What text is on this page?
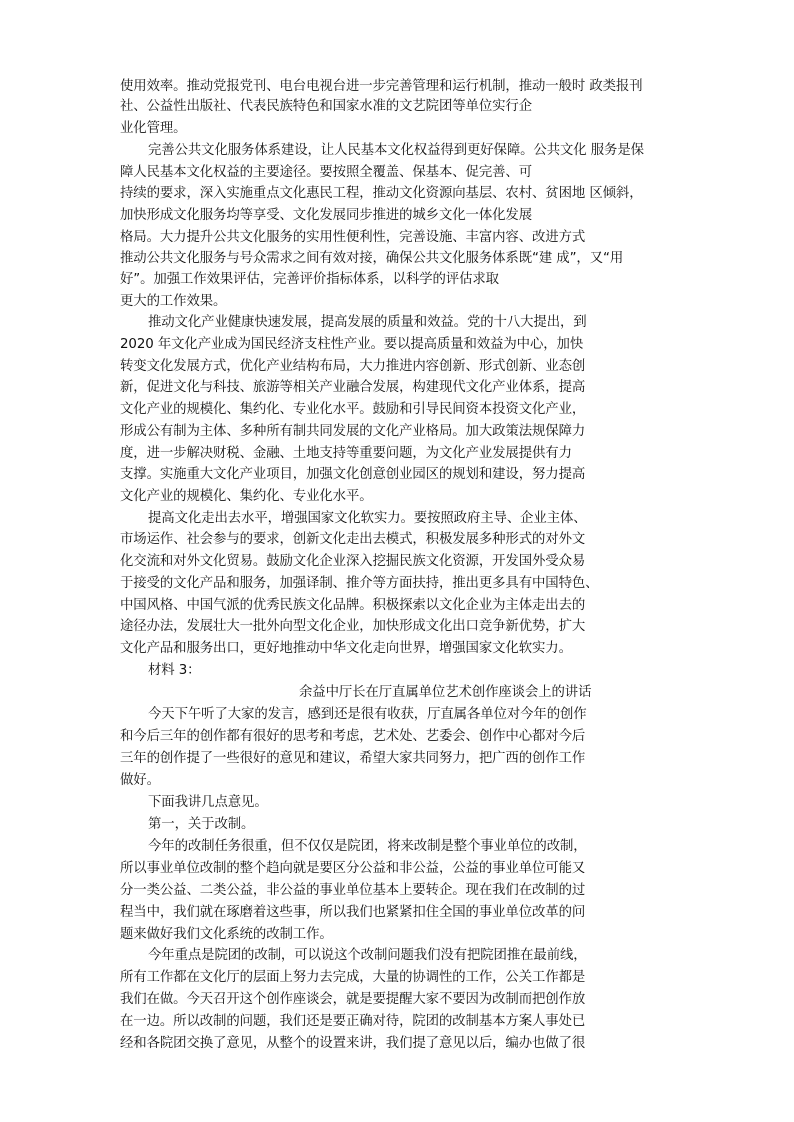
使用效率。推动党报党刊、电台电视台进一步完善管理和运行机制，推动一般时 政类报刊

社、公益性出版社、代表民族特色和国家水准的文艺院团等单位实行企

业化管理。

完善公共文化服务体系建设，让人民基本文化权益得到更好保障。公共文化 服务是保

障人民基本文化权益的主要途径。要按照全覆盖、保基本、促完善、可

持续的要求，深入实施重点文化惠民工程，推动文化资源向基层、农村、贫困地 区倾斜，

加快形成文化服务均等享受、文化发展同步推进的城乡文化一体化发展

格局。大力提升公共文化服务的实用性便利性，完善设施、丰富内容、改进方式

推动公共文化服务与号众需求之间有效对接，确保公共文化服务体系既“建 成”，又“用

好”。加强工作效果评估，完善评价指标体系，以科学的评估求取

更大的工作效果。

推动文化产业健康快速发展，提高发展的质量和效益。党的十八大提出，到

2020 年文化产业成为国民经济支柱性产业。要以提高质量和效益为中心，加快

转变文化发展方式，优化产业结构布局，大力推进内容创新、形式创新、业态创

新，促进文化与科技、旅游等相关产业融合发展，构建现代文化产业体系，提高

文化产业的规模化、集约化、专业化水平。鼓励和引导民间资本投资文化产业，

形成公有制为主体、多种所有制共同发展的文化产业格局。加大政策法规保障力

度，进一步解决财税、金融、土地支持等重要问题，为文化产业发展提供有力

支撑。实施重大文化产业项目，加强文化创意创业园区的规划和建设，努力提高

文化产业的规模化、集约化、专业化水平。

提高文化走出去水平，增强国家文化软实力。要按照政府主导、企业主体、

市场运作、社会参与的要求，创新文化走出去模式，积极发展多种形式的对外文

化交流和对外文化贸易。鼓励文化企业深入挖掘民族文化资源，开发国外受众易

于接受的文化产品和服务，加强译制、推介等方面扶持，推出更多具有中国特色、

中国风格、中国气派的优秀民族文化品牌。积极探索以文化企业为主体走出去的

途径办法，发展壮大一批外向型文化企业，加快形成文化出口竞争新优势，扩大

文化产品和服务出口，更好地推动中华文化走向世界，增强国家文化软实力。

材料 3：

余益中厅长在厅直属单位艺术创作座谈会上的讲话

今天下午听了大家的发言，感到还是很有收获，厅直属各单位对今年的创作

和今后三年的创作都有很好的思考和考虑，艺术处、艺委会、创作中心都对今后

三年的创作提了一些很好的意见和建议，希望大家共同努力，把广西的创作工作

做好。

下面我讲几点意见。

第一，关于改制。

今年的改制任务很重，但不仅仅是院团，将来改制是整个事业单位的改制，

所以事业单位改制的整个趋向就是要区分公益和非公益，公益的事业单位可能又

分一类公益、二类公益，非公益的事业单位基本上要转企。现在我们在改制的过

程当中，我们就在琢磨着这些事，所以我们也紧紧扣住全国的事业单位改革的问

题来做好我们文化系统的改制工作。

今年重点是院团的改制，可以说这个改制问题我们没有把院团推在最前线，

所有工作都在文化厅的层面上努力去完成，大量的协调性的工作，公关工作都是

我们在做。今天召开这个创作座谈会，就是要提醒大家不要因为改制而把创作放

在一边。所以改制的问题，我们还是要正确对待，院团的改制基本方案人事处已

经和各院团交换了意见，从整个的设置来讲，我们提了意见以后，编办也做了很
